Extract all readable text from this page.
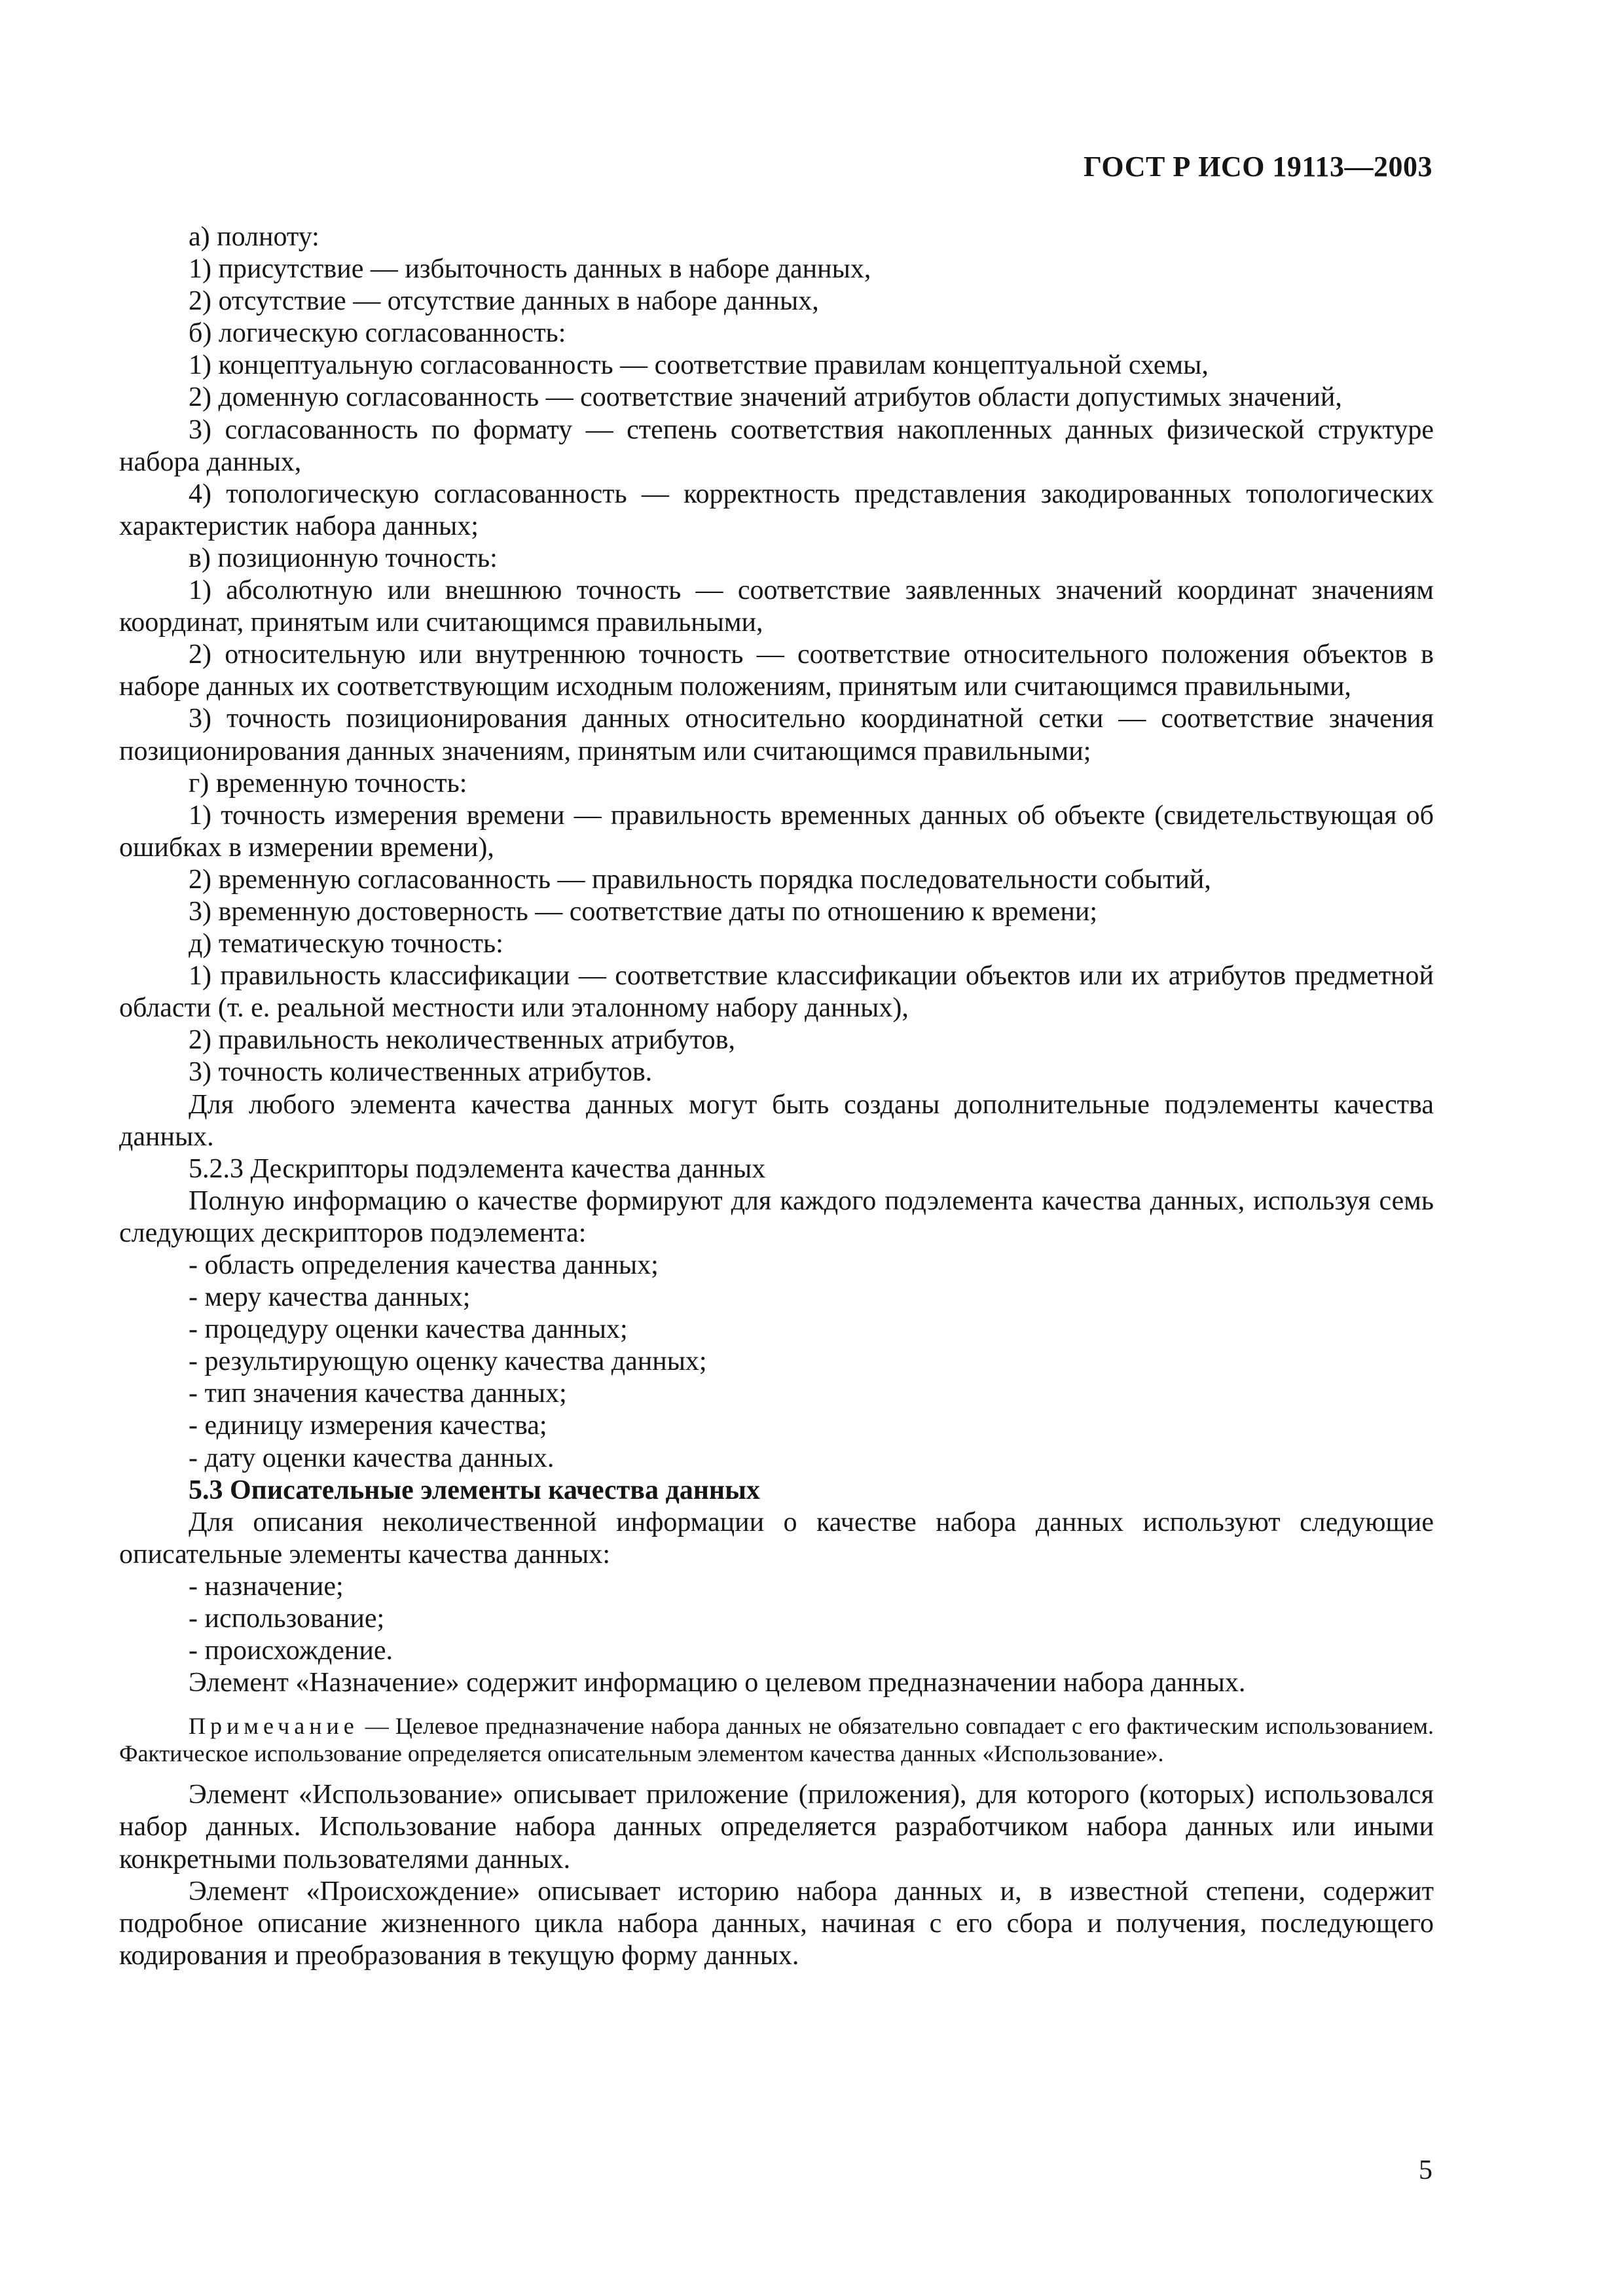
ГОСТ Р ИСО 19113—2003

а) полноту:

1) присутствие — избыточность данных в наборе данных,

2) отсутствие — отсутствие данных в наборе данных,

б) логическую согласованность:

1) концептуальную согласованность — соответствие правилам концептуальной схемы,

2) доменную согласованность — соответствие значений атрибутов области допустимых значений,

3) согласованность по формату — степень соответствия накопленных данных физической структуре набора данных,

4) топологическую согласованность — корректность представления закодированных топологических характеристик набора данных;

в) позиционную точность:

1) абсолютную или внешнюю точность — соответствие заявленных значений координат значениям координат, принятым или считающимся правильными,

2) относительную или внутреннюю точность — соответствие относительного положения объектов в наборе данных их соответствующим исходным положениям, принятым или считающимся правильными,

3) точность позиционирования данных относительно координатной сетки — соответствие значения позиционирования данных значениям, принятым или считающимся правильными;

г) временную точность:

1) точность измерения времени — правильность временных данных об объекте (свидетельствующая об ошибках в измерении времени),

2) временную согласованность — правильность порядка последовательности событий,

3) временную достоверность — соответствие даты по отношению к времени;

д) тематическую точность:

1) правильность классификации — соответствие классификации объектов или их атрибутов предметной области (т. е. реальной местности или эталонному набору данных),

2) правильность неколичественных атрибутов,

3) точность количественных атрибутов.

Для любого элемента качества данных могут быть созданы дополнительные подэлементы качества данных.

5.2.3 Дескрипторы подэлемента качества данных

Полную информацию о качестве формируют для каждого подэлемента качества данных, используя семь следующих дескрипторов подэлемента:

- область определения качества данных;

- меру качества данных;

- процедуру оценки качества данных;

- результирующую оценку качества данных;

- тип значения качества данных;

- единицу измерения качества;

- дату оценки качества данных.

5.3 Описательные элементы качества данных

Для описания неколичественной информации о качестве набора данных используют следующие описательные элементы качества данных:

- назначение;

- использование;

- происхождение.

Элемент «Назначение» содержит информацию о целевом предназначении набора данных.

Примечание — Целевое предназначение набора данных не обязательно совпадает с его фактическим использованием. Фактическое использование определяется описательным элементом качества данных «Использование».

Элемент «Использование» описывает приложение (приложения), для которого (которых) использовался набор данных. Использование набора данных определяется разработчиком набора данных или иными конкретными пользователями данных.

Элемент «Происхождение» описывает историю набора данных и, в известной степени, содержит подробное описание жизненного цикла набора данных, начиная с его сбора и получения, последующего кодирования и преобразования в текущую форму данных.

5
